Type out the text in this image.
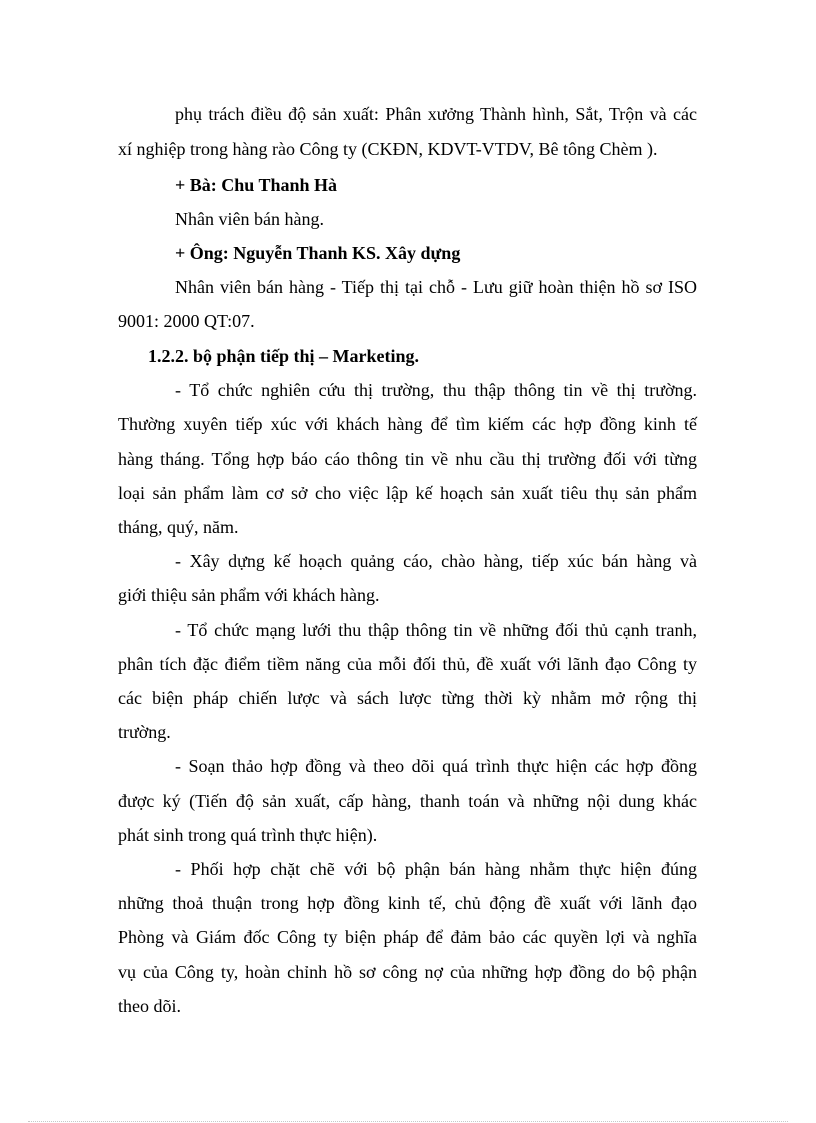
phụ trách điều độ sản xuất: Phân xưởng Thành hình, Sắt, Trộn và các
xí nghiệp trong hàng rào Công ty (CKĐN, KDVT-VTDV, Bê tông Chèm ).
+ Bà: Chu Thanh Hà
Nhân viên bán hàng.
+ Ông: Nguyễn Thanh KS. Xây dựng
Nhân viên bán hàng - Tiếp thị tại chỗ - Lưu giữ hoàn thiện hồ sơ ISO
9001: 2000 QT:07.
1.2.2. bộ phận tiếp thị – Marketing.
- Tổ chức nghiên cứu thị trường, thu thập thông tin về thị trường.
Thường xuyên tiếp xúc với khách hàng để tìm kiếm các hợp đồng kinh tế
hàng tháng. Tổng hợp báo cáo thông tin về nhu cầu thị trường đối với từng
loại sản phẩm làm cơ sở cho việc lập kế hoạch sản xuất tiêu thụ sản phẩm
tháng, quý, năm.
- Xây dựng kế hoạch quảng cáo, chào hàng, tiếp xúc bán hàng và
giới thiệu sản phẩm với khách hàng.
- Tổ chức mạng lưới thu thập thông tin về những đối thủ cạnh tranh,
phân tích đặc điểm tiềm năng của mỗi đối thủ, đề xuất với lãnh đạo Công ty
các biện pháp chiến lược và sách lược từng thời kỳ nhằm mở rộng thị
trường.
- Soạn thảo hợp đồng và theo dõi quá trình thực hiện các hợp đồng
được ký (Tiến độ sản xuất, cấp hàng, thanh toán và những nội dung khác
phát sinh trong quá trình thực hiện).
- Phối hợp chặt chẽ với bộ phận bán hàng nhằm thực hiện đúng
những thoả thuận trong hợp đồng kinh tế, chủ động đề xuất với lãnh đạo
Phòng và Giám đốc Công ty biện pháp để đảm bảo các quyền lợi và nghĩa
vụ của Công ty, hoàn chỉnh hồ sơ công nợ của những hợp đồng do bộ phận
theo dõi.
